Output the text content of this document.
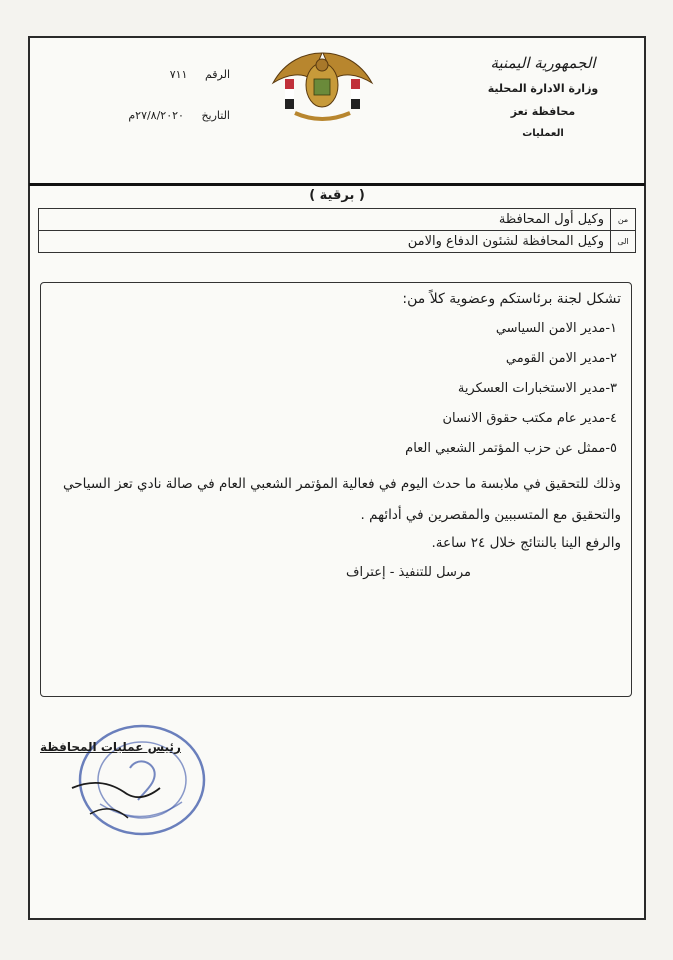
الجمهورية اليمنية
وزارة الادارة المحلية
محافظة تعز
العمليات
الرقم ٧١١
التاريخ ٢٧/٨/٢٠٢٠م
( برقية )
من
وكيل أول المحافظة
الى
وكيل المحافظة لشئون الدفاع والامن
تشكل لجنة برئاستكم وعضوية كلاً من:
١-مدير الامن السياسي
٢-مدير الامن القومي
٣-مدير الاستخبارات العسكرية
٤-مدير عام مكتب حقوق الانسان
٥-ممثل عن حزب المؤتمر الشعبي العام
وذلك للتحقيق في ملابسة ما حدث اليوم في فعالية المؤتمر الشعبي العام في صالة نادي تعز السياحي والتحقيق مع المتسببين والمقصرين في أدائهم .
والرفع الينا بالنتائج خلال ٢٤ ساعة.
مرسل للتنفيذ - إعتراف
رئيس عمليات المحافظة
